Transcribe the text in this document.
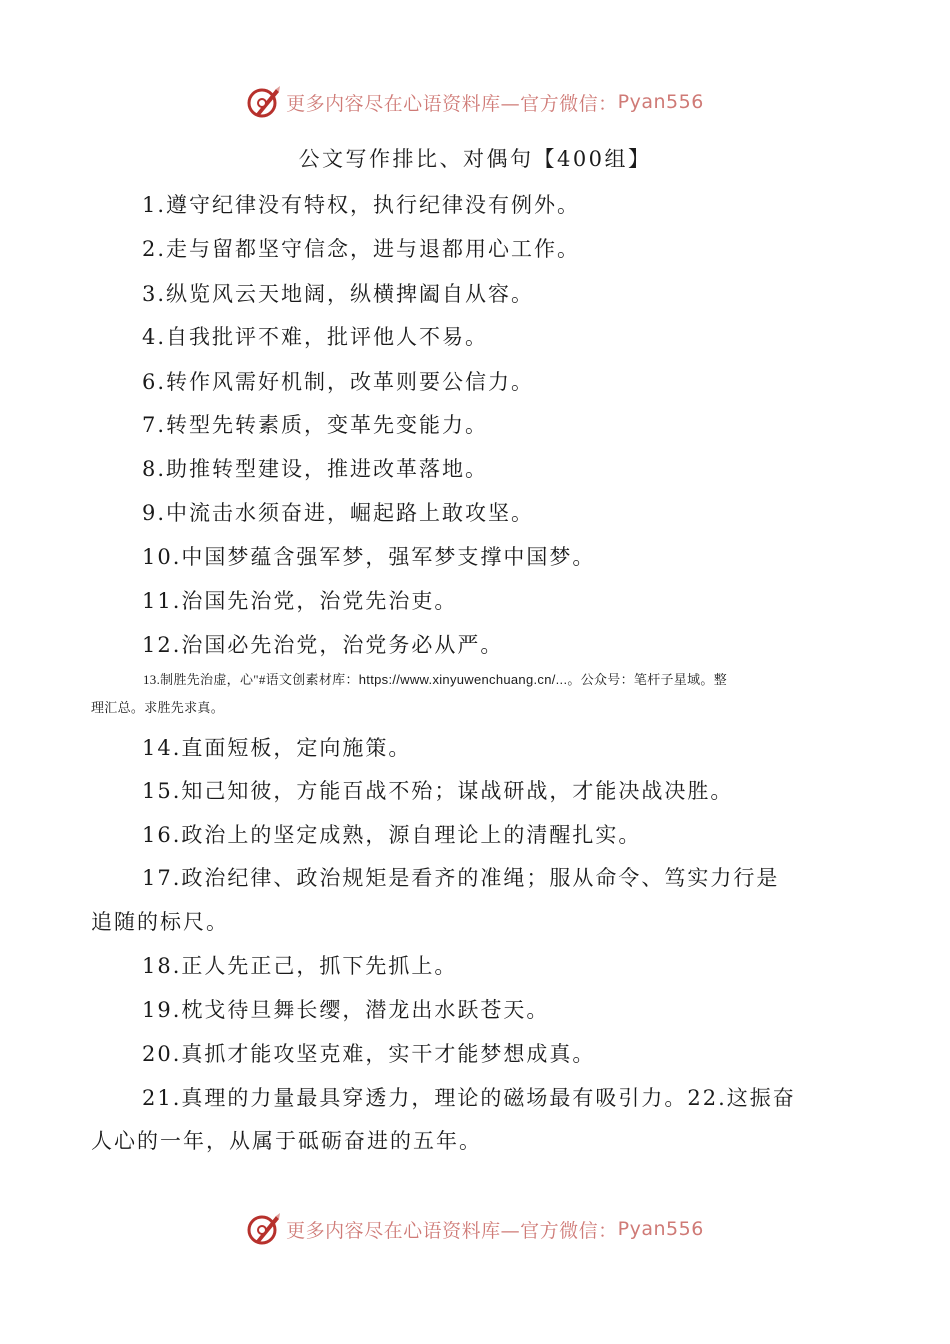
更多内容尽在心语资料库—官方微信： Pyan556
公文写作排比、对偶句【400组】
1.遵守纪律没有特权，执行纪律没有例外。
2.走与留都坚守信念，进与退都用心工作。
3.纵览风云天地阔，纵横捭阖自从容。
4.自我批评不难，批评他人不易。
6.转作风需好机制，改革则要公信力。
7.转型先转素质，变革先变能力。
8.助推转型建设，推进改革落地。
9.中流击水须奋进，崛起路上敢攻坚。
10.中国梦蕴含强军梦，强军梦支撑中国梦。
11.治国先治党，治党先治吏。
12.治国必先治党，治党务必从严。
13.制胜先治虚，心"#语文创素材库：https://www.xinyuwenchuang.cn/...。公众号：笔杆子星域。整
理汇总。求胜先求真。
14.直面短板，定向施策。
15.知己知彼，方能百战不殆；谋战研战，才能决战决胜。
16.政治上的坚定成熟，源自理论上的清醒扎实。
17.政治纪律、政治规矩是看齐的准绳；服从命令、笃实力行是
追随的标尺。
18.正人先正己，抓下先抓上。
19.枕戈待旦舞长缨，潜龙出水跃苍天。
20.真抓才能攻坚克难，实干才能梦想成真。
21.真理的力量最具穿透力，理论的磁场最有吸引力。22.这振奋
人心的一年，从属于砥砺奋进的五年。
更多内容尽在心语资料库—官方微信： Pyan556
